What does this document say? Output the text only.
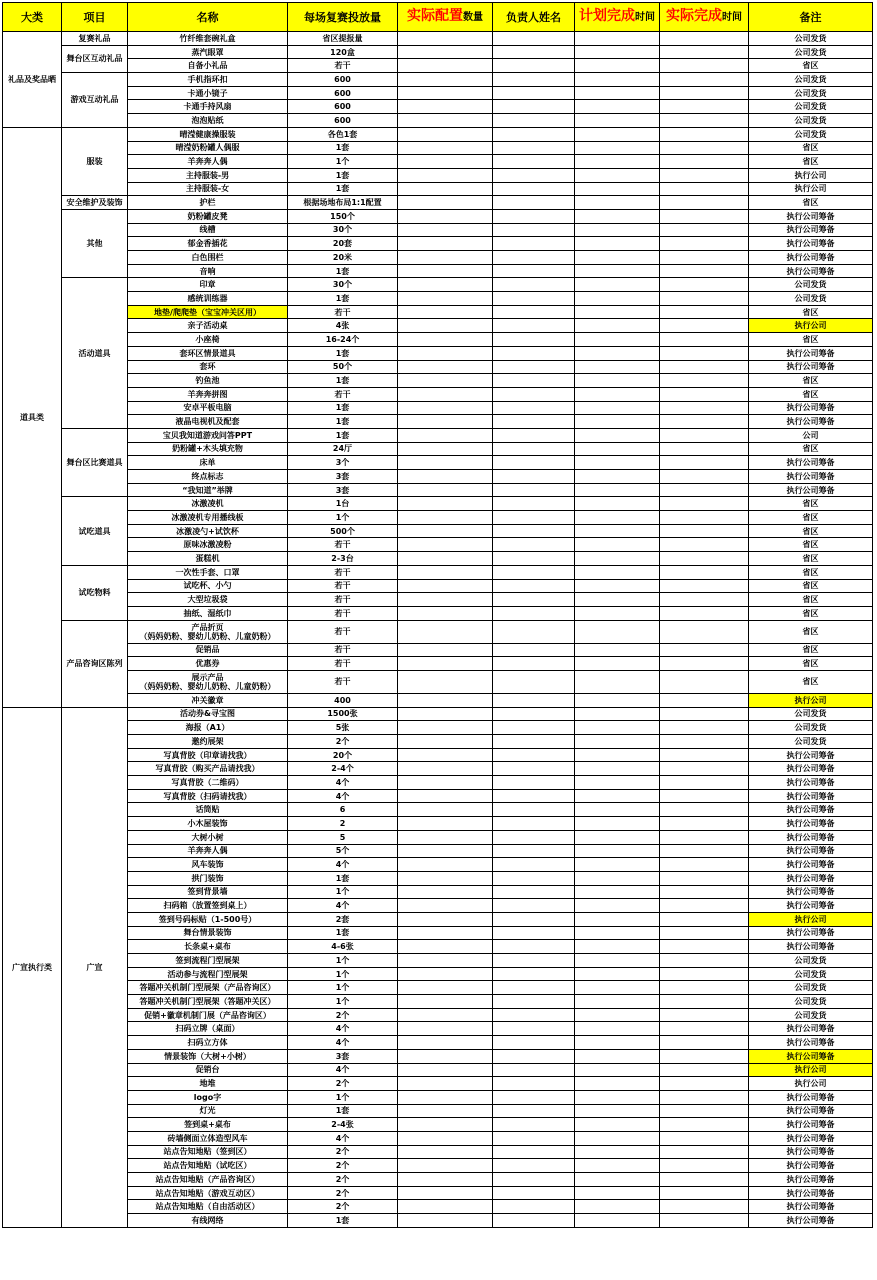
大类	项目	名称	每场复赛投放量	实际配置数量	负责人姓名	计划完成时间	实际完成时间	备注
礼品及奖品晒	复赛礼品	竹纤维套碗礼盒	省区提报量					公司发货
	舞台区互动礼品	蒸汽眼罩	120盒					公司发货

		自备小礼品	若干					省区
	游戏互动礼品	手机指环扣	600					公司发货

		卡通小镜子	600					公司发货

		卡通手持风扇	600					公司发货

		泡泡贴纸	600					公司发货
道具类	服装	晴滢健康操服装	各色1套					公司发货

		晴滢奶粉罐人偶服	1套					省区

		羊奔奔人偶	1个					省区

		主持服装-男	1套					执行公司

		主持服装-女	1套					执行公司
	安全维护及装饰	护栏	根据场地布局1:1配置					省区
	其他	奶粉罐皮凳	150个					执行公司筹备

		线槽	30个					执行公司筹备

		郁金香插花	20套					执行公司筹备

		白色围栏	20米					执行公司筹备

		音响	1套					执行公司筹备
	活动道具	印章	30个					公司发货

		感统训练器	1套					公司发货

		地垫/爬爬垫（宝宝冲关区用）	若干					省区

		亲子活动桌	4张					执行公司

		小座椅	16-24个					省区

		套环区情景道具	1套					执行公司筹备

		套环	50个					执行公司筹备

		钓鱼池	1套					省区

		羊奔奔拼图	若干					省区

		安卓平板电脑	1套					执行公司筹备

		液晶电视机及配套	1套					执行公司筹备
	舞台区比赛道具	宝贝我知道游戏问答PPT	1套					公司

		奶粉罐+木头填充物	24厅					省区

		床单	3个					执行公司筹备

		终点标志	3套					执行公司筹备

		“我知道”举牌	3套					执行公司筹备
	试吃道具	冰激凌机	1台					省区

		冰激凌机专用播线板	1个					省区

		冰激凌勺+试饮杯	500个					省区

		原味冰激凌粉	若干					省区

		蛋糕机	2-3台					省区
	试吃物料	一次性手套、口罩	若干					省区

		试吃杯、小勺	若干					省区

		大型垃圾袋	若干					省区

		抽纸、湿纸巾	若干					省区
	产品咨询区陈列	产品折页
（妈妈奶粉、婴幼儿奶粉、儿童奶粉）	若干					省区

		促销品	若干					省区

		优惠券	若干					省区

		展示产品
（妈妈奶粉、婴幼儿奶粉、儿童奶粉）	若干					省区

		冲关徽章	400					执行公司
广宣执行类	广宣	活动券&寻宝图	1500张					公司发货

		海报（A1）	5张					公司发货

		邀约展架	2个					公司发货

		写真背胶（印章请找我）	20个					执行公司筹备

		写真背胶（购买产品请找我）	2-4个					执行公司筹备

		写真背胶（二维码）	4个					执行公司筹备

		写真背胶（扫码请找我）	4个					执行公司筹备

		话筒贴	6					执行公司筹备

		小木屋装饰	2					执行公司筹备

		大树小树	5					执行公司筹备

		羊奔奔人偶	5个					执行公司筹备

		风车装饰	4个					执行公司筹备

		拱门装饰	1套					执行公司筹备

		签到背景墙	1个					执行公司筹备

		扫码箱（放置签到桌上）	4个					执行公司筹备

		签到号码标贴（1-500号）	2套					执行公司

		舞台情景装饰	1套					执行公司筹备

		长条桌+桌布	4-6张					执行公司筹备

		签到流程门型展架	1个					公司发货

		活动参与流程门型展架	1个					公司发货

		答题冲关机制门型展架（产品咨询区）	1个					公司发货

		答题冲关机制门型展架（答题冲关区）	1个					公司发货

		促销+徽章机制门展（产品咨询区）	2个					公司发货

		扫码立牌（桌面）	4个					执行公司筹备

		扫码立方体	4个					执行公司筹备

		情景装饰（大树+小树）	3套					执行公司筹备

		促销台	4个					执行公司

		地堆	2个					执行公司

		logo字	1个					执行公司筹备

		灯光	1套					执行公司筹备

		签到桌+桌布	2-4张					执行公司筹备

		砖墙侧面立体造型风车	4个					执行公司筹备

		站点告知地贴（签到区）	2个					执行公司筹备

		站点告知地贴（试吃区）	2个					执行公司筹备

		站点告知地贴（产品咨询区）	2个					执行公司筹备

		站点告知地贴（游戏互动区）	2个					执行公司筹备

		站点告知地贴（自由活动区）	2个					执行公司筹备

		有线网络	1套					执行公司筹备
